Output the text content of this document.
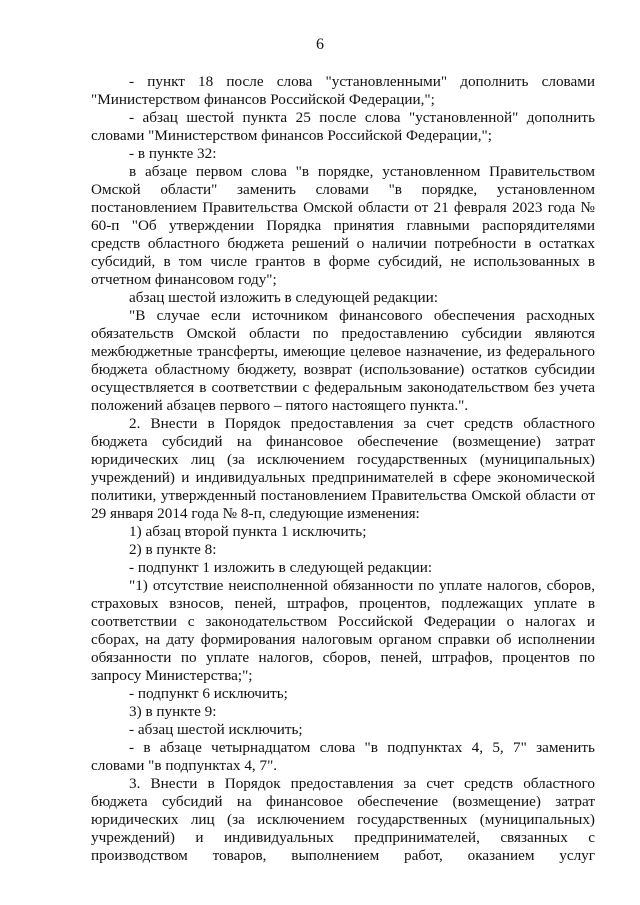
6

- пункт 18 после слова "установленными" дополнить словами "Министерством финансов Российской Федерации,";

- абзац шестой пункта 25 после слова "установленной" дополнить словами "Министерством финансов Российской Федерации,";

- в пункте 32:

в абзаце первом слова "в порядке, установленном Правительством Омской области" заменить словами "в порядке, установленном постановлением Правительства Омской области от 21 февраля 2023 года № 60-п "Об утверждении Порядка принятия главными распорядителями средств областного бюджета решений о наличии потребности в остатках субсидий, в том числе грантов в форме субсидий, не использованных в отчетном финансовом году";

абзац шестой изложить в следующей редакции:

"В случае если источником финансового обеспечения расходных обязательств Омской области по предоставлению субсидии являются межбюджетные трансферты, имеющие целевое назначение, из федерального бюджета областному бюджету, возврат (использование) остатков субсидии осуществляется в соответствии с федеральным законодательством без учета положений абзацев первого – пятого настоящего пункта.".

2. Внести в Порядок предоставления за счет средств областного бюджета субсидий на финансовое обеспечение (возмещение) затрат юридических лиц (за исключением государственных (муниципальных) учреждений) и индивидуальных предпринимателей в сфере экономической политики, утвержденный постановлением Правительства Омской области от 29 января 2014 года № 8-п, следующие изменения:

1) абзац второй пункта 1 исключить;

2) в пункте 8:

- подпункт 1 изложить в следующей редакции:

"1) отсутствие неисполненной обязанности по уплате налогов, сборов, страховых взносов, пеней, штрафов, процентов, подлежащих уплате в соответствии с законодательством Российской Федерации о налогах и сборах, на дату формирования налоговым органом справки об исполнении обязанности по уплате налогов, сборов, пеней, штрафов, процентов по запросу Министерства;";

- подпункт 6 исключить;

3) в пункте 9:

- абзац шестой исключить;

- в абзаце четырнадцатом слова "в подпунктах 4, 5, 7" заменить словами "в подпунктах 4, 7".

3. Внести в Порядок предоставления за счет средств областного бюджета субсидий на финансовое обеспечение (возмещение) затрат юридических лиц (за исключением государственных (муниципальных) учреждений) и индивидуальных предпринимателей, связанных с производством товаров, выполнением работ, оказанием услуг
